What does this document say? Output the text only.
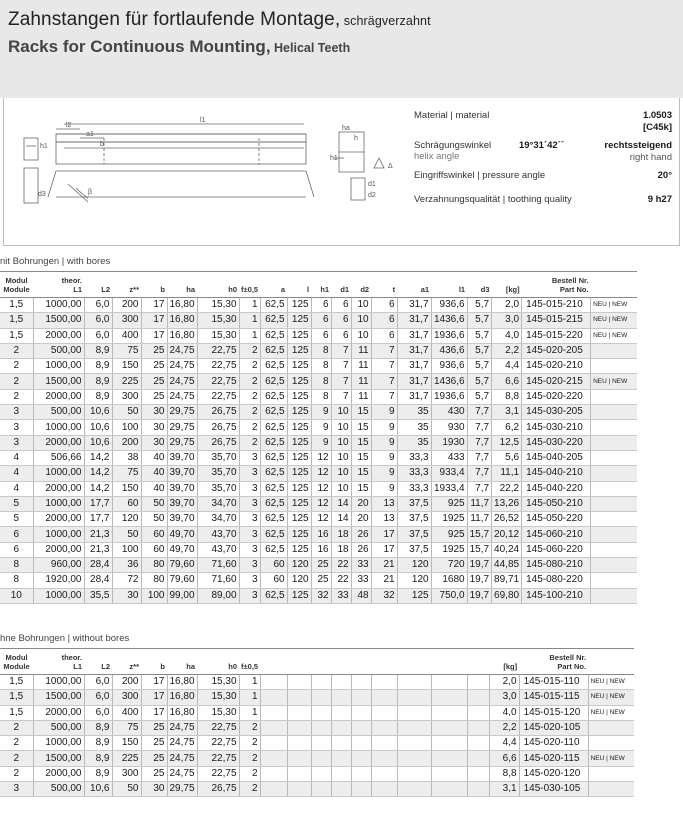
Zahnstangen für fortlaufende Montage, schrägverzahnt
Racks for Continuous Mounting, Helical Teeth
h1
l2
a1
b
l1
d3	β
ha
h
h1
d1
d2
Δ
Material | material	1.0503
[C45k]
Schrägungswinkel
helix angle
19°31´42´´	rechtssteigend
right hand
Eingriffswinkel | pressure angle	20°
Verzahnungsqualität | toothing quality	9 h27
nit Bohrungen | with bores
Modul
Module	theor.
L1	L2	z**	b	ha	h0	f±0,5	a	l	h1	d1	d2	t	a1	l1	d3	[kg]	Bestell Nr.
Part No.	
1,5	1000,00	6,0	200	17	16,80	15,30	1	62,5	125	6	6	10	6	31,7	936,6	5,7	2,0	145-015-210	NEU | NEW
1,5	1500,00	6,0	300	17	16,80	15,30	1	62,5	125	6	6	10	6	31,7	1436,6	5,7	3,0	145-015-215	NEU | NEW
1,5	2000,00	6,0	400	17	16,80	15,30	1	62,5	125	6	6	10	6	31,7	1936,6	5,7	4,0	145-015-220	NEU | NEW
2	500,00	8,9	75	25	24,75	22,75	2	62,5	125	8	7	11	7	31,7	436,6	5,7	2,2	145-020-205	
2	1000,00	8,9	150	25	24,75	22,75	2	62,5	125	8	7	11	7	31,7	936,6	5,7	4,4	145-020-210	
2	1500,00	8,9	225	25	24,75	22,75	2	62,5	125	8	7	11	7	31,7	1436,6	5,7	6,6	145-020-215	NEU | NEW
2	2000,00	8,9	300	25	24,75	22,75	2	62,5	125	8	7	11	7	31,7	1936,6	5,7	8,8	145-020-220	
3	500,00	10,6	50	30	29,75	26,75	2	62,5	125	9	10	15	9	35	430	7,7	3,1	145-030-205	
3	1000,00	10,6	100	30	29,75	26,75	2	62,5	125	9	10	15	9	35	930	7,7	6,2	145-030-210	
3	2000,00	10,6	200	30	29,75	26,75	2	62,5	125	9	10	15	9	35	1930	7,7	12,5	145-030-220	
4	506,66	14,2	38	40	39,70	35,70	3	62,5	125	12	10	15	9	33,3	433	7,7	5,6	145-040-205	
4	1000,00	14,2	75	40	39,70	35,70	3	62,5	125	12	10	15	9	33,3	933,4	7,7	11,1	145-040-210	
4	2000,00	14,2	150	40	39,70	35,70	3	62,5	125	12	10	15	9	33,3	1933,4	7,7	22,2	145-040-220	
5	1000,00	17,7	60	50	39,70	34,70	3	62,5	125	12	14	20	13	37,5	925	11,7	13,26	145-050-210	
5	2000,00	17,7	120	50	39,70	34,70	3	62,5	125	12	14	20	13	37,5	1925	11,7	26,52	145-050-220	
6	1000,00	21,3	50	60	49,70	43,70	3	62,5	125	16	18	26	17	37,5	925	15,7	20,12	145-060-210	
6	2000,00	21,3	100	60	49,70	43,70	3	62,5	125	16	18	26	17	37,5	1925	15,7	40,24	145-060-220	
8	960,00	28,4	36	80	79,60	71,60	3	60	120	25	22	33	21	120	720	19,7	44,85	145-080-210	
8	1920,00	28,4	72	80	79,60	71,60	3	60	120	25	22	33	21	120	1680	19,7	89,71	145-080-220	
10	1000,00	35,5	30	100	99,00	89,00	3	62,5	125	32	33	48	32	125	750,0	19,7	69,80	145-100-210	
hne Bohrungen | without bores
Modul
Module	theor.
L1	L2	z**	b	ha	h0	f±0,5										[kg]	Bestell Nr.
Part No.	
1,5	1000,00	6,0	200	17	16,80	15,30	1										2,0	145-015-110	NEU | NEW
1,5	1500,00	6,0	300	17	16,80	15,30	1										3,0	145-015-115	NEU | NEW
1,5	2000,00	6,0	400	17	16,80	15,30	1										4,0	145-015-120	NEU | NEW
2	500,00	8,9	75	25	24,75	22,75	2										2,2	145-020-105	
2	1000,00	8,9	150	25	24,75	22,75	2										4,4	145-020-110	
2	1500,00	8,9	225	25	24,75	22,75	2										6,6	145-020-115	NEU | NEW
2	2000,00	8,9	300	25	24,75	22,75	2										8,8	145-020-120	
3	500,00	10,6	50	30	29,75	26,75	2										3,1	145-030-105	
